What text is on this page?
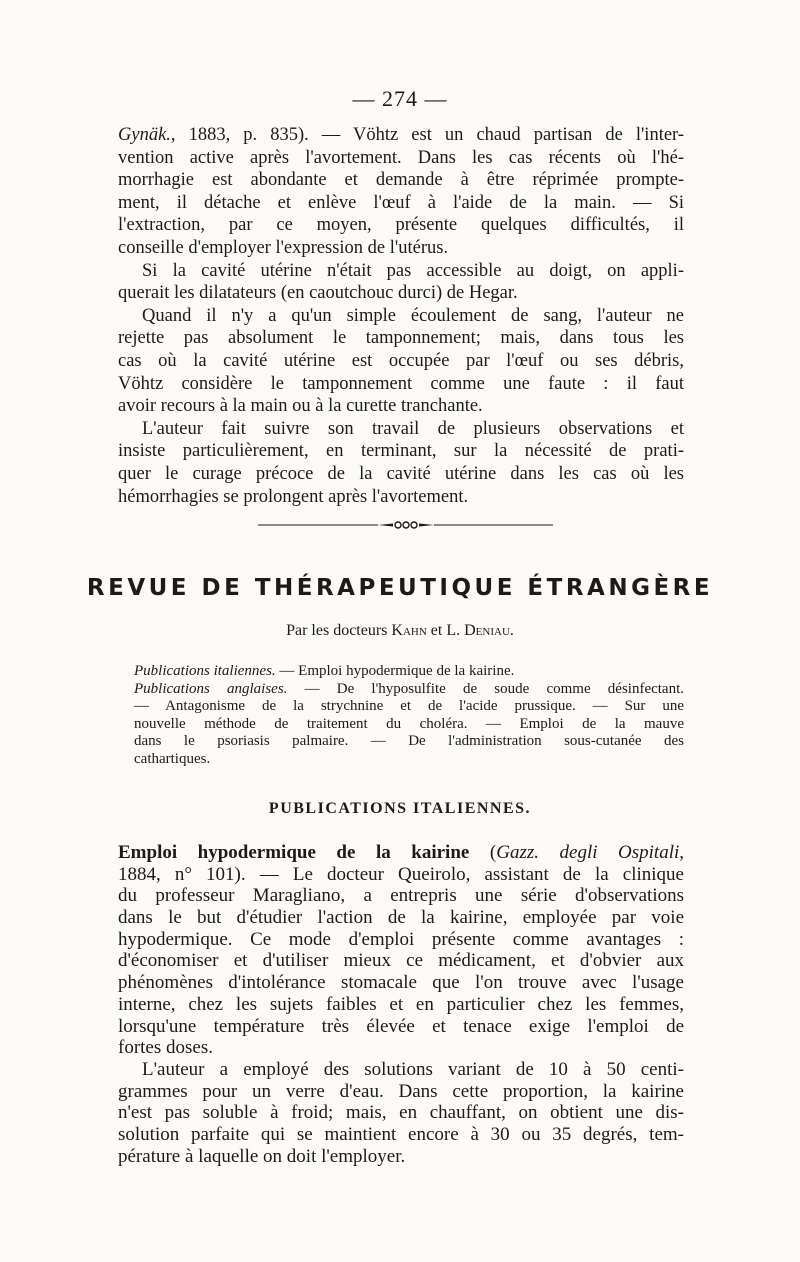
— 274 —
Gynäk., 1883, p. 835). — Vöhtz est un chaud partisan de l'inter-
vention active après l'avortement. Dans les cas récents où l'hé-
morrhagie est abondante et demande à être réprimée prompte-
ment, il détache et enlève l'œuf à l'aide de la main. — Si
l'extraction, par ce moyen, présente quelques difficultés, il
conseille d'employer l'expression de l'utérus.
Si la cavité utérine n'était pas accessible au doigt, on appli-
querait les dilatateurs (en caoutchouc durci) de Hegar.
Quand il n'y a qu'un simple écoulement de sang, l'auteur ne
rejette pas absolument le tamponnement; mais, dans tous les
cas où la cavité utérine est occupée par l'œuf ou ses débris,
Vöhtz considère le tamponnement comme une faute : il faut
avoir recours à la main ou à la curette tranchante.
L'auteur fait suivre son travail de plusieurs observations et
insiste particulièrement, en terminant, sur la nécessité de prati-
quer le curage précoce de la cavité utérine dans les cas où les
hémorrhagies se prolongent après l'avortement.
REVUE DE THÉRAPEUTIQUE ÉTRANGÈRE
Par les docteurs Kahn et L. Deniau.
Publications italiennes. — Emploi hypodermique de la kairine.
Publications anglaises. — De l'hyposulfite de soude comme désinfectant.
— Antagonisme de la strychnine et de l'acide prussique. — Sur une
nouvelle méthode de traitement du choléra. — Emploi de la mauve
dans le psoriasis palmaire. — De l'administration sous-cutanée des
cathartiques.
PUBLICATIONS ITALIENNES.
Emploi hypodermique de la kairine (Gazz. degli Ospitali,
1884, n° 101). — Le docteur Queirolo, assistant de la clinique
du professeur Maragliano, a entrepris une série d'observations
dans le but d'étudier l'action de la kairine, employée par voie
hypodermique. Ce mode d'emploi présente comme avantages :
d'économiser et d'utiliser mieux ce médicament, et d'obvier aux
phénomènes d'intolérance stomacale que l'on trouve avec l'usage
interne, chez les sujets faibles et en particulier chez les femmes,
lorsqu'une température très élevée et tenace exige l'emploi de
fortes doses.
L'auteur a employé des solutions variant de 10 à 50 centi-
grammes pour un verre d'eau. Dans cette proportion, la kairine
n'est pas soluble à froid; mais, en chauffant, on obtient une dis-
solution parfaite qui se maintient encore à 30 ou 35 degrés, tem-
pérature à laquelle on doit l'employer.
